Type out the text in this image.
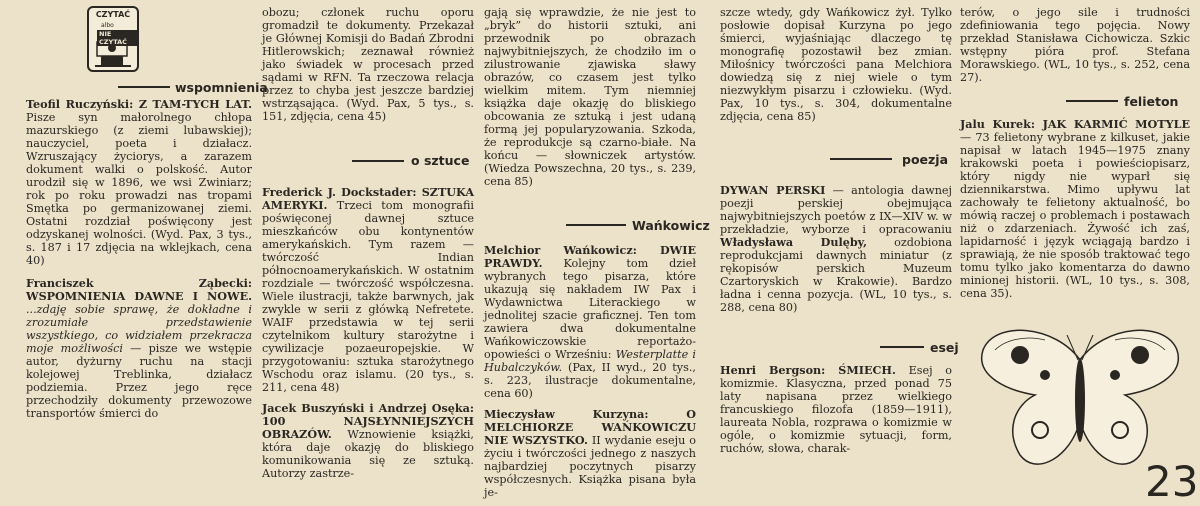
CZYTAĆ
albo
NIE CZYTAĆ
wspomnienia

Teofil Ruczyński: Z TAM-TYCH LAT. Pisze syn małorolnego chłopa mazurskiego (z ziemi lubawskiej); nauczyciel, poeta i działacz. Wzruszający życiorys, a zarazem dokument walki o polskość. Autor urodził się w 1896, we wsi Zwiniarz; rok po roku prowadzi nas tropami Smętka po germanizowanej ziemi. Ostatni rozdział poświęcony jest odzyskanej wolności. (Wyd. Pax, 3 tys., s. 187 i 17 zdjęcia na wklejkach, cena 40)

Franciszek Ząbecki: WSPOMNIENIA DAWNE I NOWE. ...zdaję sobie sprawę, że dokładne i zrozumiałe przedstawienie wszystkiego, co widziałem przekracza moje możliwości — pisze we wstępie autor, dyżurny ruchu na stacji kolejowej Treblinka, działacz podziemia. Przez jego ręce przechodziły dokumenty przewozowe transportów śmierci do

obozu; członek ruchu oporu gromadził te dokumenty. Przekazał je Głównej Komisji do Badań Zbrodni Hitlerowskich; zeznawał również jako świadek w procesach przed sądami w RFN. Ta rzeczowa relacja przez to chyba jest jeszcze bardziej wstrząsająca. (Wyd. Pax, 5 tys., s. 151, zdjęcia, cena 45)

o sztuce

Frederick J. Dockstader: SZTUKA AMERYKI. Trzeci tom monografii poświęconej dawnej sztuce mieszkańców obu kontynentów amerykańskich. Tym razem — twórczość Indian północnoamerykańskich. W ostatnim rozdziale — twórczość współczesna. Wiele ilustracji, także barwnych, jak zwykle w serii z główką Nefretete. WAIF przedstawia w tej serii czytelnikom kultury starożytne i cywilizacje pozaeuropejskie. W przygotowaniu: sztuka starożytnego Wschodu oraz islamu. (20 tys., s. 211, cena 48)

Jacek Buszyński i Andrzej Osęka: 100 NAJSŁYNNIEJSZYCH OBRAZÓW. Wznowienie książki, która daje okazję do bliskiego komunikowania się ze sztuką. Autorzy zastrze-

gają się wprawdzie, że nie jest to „bryk” do historii sztuki, ani przewodnik po obrazach najwybitniejszych, że chodziło im o zilustrowanie zjawiska sławy obrazów, co czasem jest tylko wielkim mitem. Tym niemniej książka daje okazję do bliskiego obcowania ze sztuką i jest udaną formą jej popularyzowania. Szkoda, że reprodukcje są czarno-białe. Na końcu — słowniczek artystów. (Wiedza Powszechna, 20 tys., s. 239, cena 85)

Wańkowicz

Melchior Wańkowicz: DWIE PRAWDY. Kolejny tom dzieł wybranych tego pisarza, które ukazują się nakładem IW Pax i Wydawnictwa Literackiego w jednolitej szacie graficznej. Ten tom zawiera dwa dokumentalne Wańkowiczowskie reportażo-opowieści o Wrześniu: Westerplatte i Hubalczyków. (Pax, II wyd., 20 tys., s. 223, ilustracje dokumentalne, cena 60)

Mieczysław Kurzyna: O MELCHIORZE WAŃKOWICZU NIE WSZYSTKO. II wydanie eseju o życiu i twórczości jednego z naszych najbardziej poczytnych pisarzy współczesnych. Książka pisana była je-

szcze wtedy, gdy Wańkowicz żył. Tylko posłowie dopisał Kurzyna po jego śmierci, wyjaśniając dlaczego tę monografię pozostawił bez zmian. Miłośnicy twórczości pana Melchiora dowiedzą się z niej wiele o tym niezwykłym pisarzu i człowieku. (Wyd. Pax, 10 tys., s. 304, dokumentalne zdjęcia, cena 85)

poezja

DYWAN PERSKI — antologia dawnej poezji perskiej obejmująca najwybitniejszych poetów z IX—XIV w. w przekładzie, wyborze i opracowaniu Władysława Dulęby, ozdobiona reprodukcjami dawnych miniatur (z rękopisów perskich Muzeum Czartoryskich w Krakowie). Bardzo ładna i cenna pozycja. (WL, 10 tys., s. 288, cena 80)

esej

Henri Bergson: ŚMIECH. Esej o komizmie. Klasyczna, przed ponad 75 laty napisana przez wielkiego francuskiego filozofa (1859—1911), laureata Nobla, rozprawa o komizmie w ogóle, o komizmie sytuacji, form, ruchów, słowa, charak-

terów, o jego sile i trudności zdefiniowania tego pojęcia. Nowy przekład Stanisława Cichowicza. Szkic wstępny pióra prof. Stefana Morawskiego. (WL, 10 tys., s. 252, cena 27).

felieton

Jalu Kurek: JAK KARMIĆ MOTYLE — 73 felietony wybrane z kilkuset, jakie napisał w latach 1945—1975 znany krakowski poeta i powieściopisarz, który nigdy nie wyparł się dziennikarstwa. Mimo upływu lat zachowały te felietony aktualność, bo mówią raczej o problemach i postawach niż o zdarzeniach. Żywość ich zaś, lapidarność i język wciągają bardzo i sprawiają, że nie sposób traktować tego tomu tylko jako komentarza do dawno minionej historii. (WL, 10 tys., s. 308, cena 35).

23
